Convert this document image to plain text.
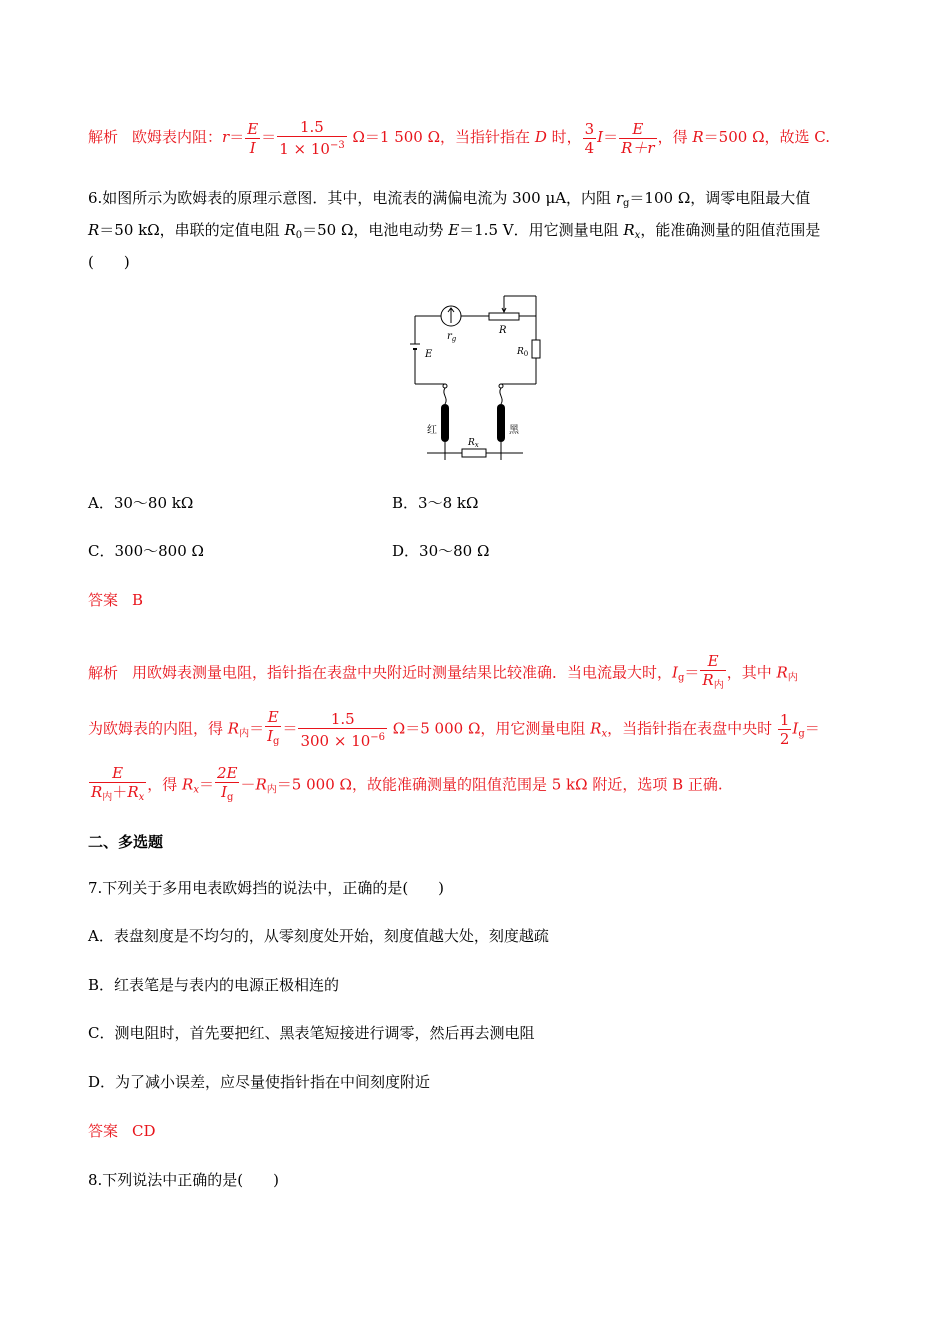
解析 欧姆表内阻：$r= \frac{E}{I} = \frac{1.5}{1 \times 10^{-3}} \Omega=1$ 500 Ω，当指针指在 D 时， $\frac{3}{4} I= \frac{E}{R+r}$ ，得 R＝500 Ω，故选 C.
6.如图所示为欧姆表的原理示意图．其中，电流表的满偏电流为 300 μA，内阻 $r_g=100$ Ω，调零电阻最大值
R＝50 kΩ，串联的定值电阻 $R_0=50$ Ω，电池电动势 E＝1.5 V．用它测量电阻 $R_x$，能准确测量的阻值范围是
(　　)
$r_g$
R
$R_0$
E
红	黑
$R_x$
A．30～80 kΩ	B．3～8 kΩ
C．300～800 Ω	D．30～80 Ω
答案 B
解析 用欧姆表测量电阻，指针指在表盘中央附近时测量结果比较准确．当电流最大时，$I_g= \frac{E}{R_内}$ ，其中 $R_内$
为欧姆表的内阻，得 $R_内= \frac{E}{I_g} = \frac{1.5}{300 \times 10^{-6}} \Omega=5$ 000 Ω，用它测量电阻 $R_x$，当指针指在表盘中央时 $\frac{1}{2} I_g=$
$\frac{E}{R_内+R_x}$ ，得 $R_x= \frac{2E}{I_g} -R_内=5$ 000 Ω，故能准确测量的阻值范围是 5 kΩ 附近，选项 B 正确.
二、多选题
7.下列关于多用电表欧姆挡的说法中，正确的是(　　)
A．表盘刻度是不均匀的，从零刻度处开始，刻度值越大处，刻度越疏
B．红表笔是与表内的电源正极相连的
C．测电阻时，首先要把红、黑表笔短接进行调零，然后再去测电阻
D．为了减小误差，应尽量使指针指在中间刻度附近
答案 CD
8.下列说法中正确的是(　　)
